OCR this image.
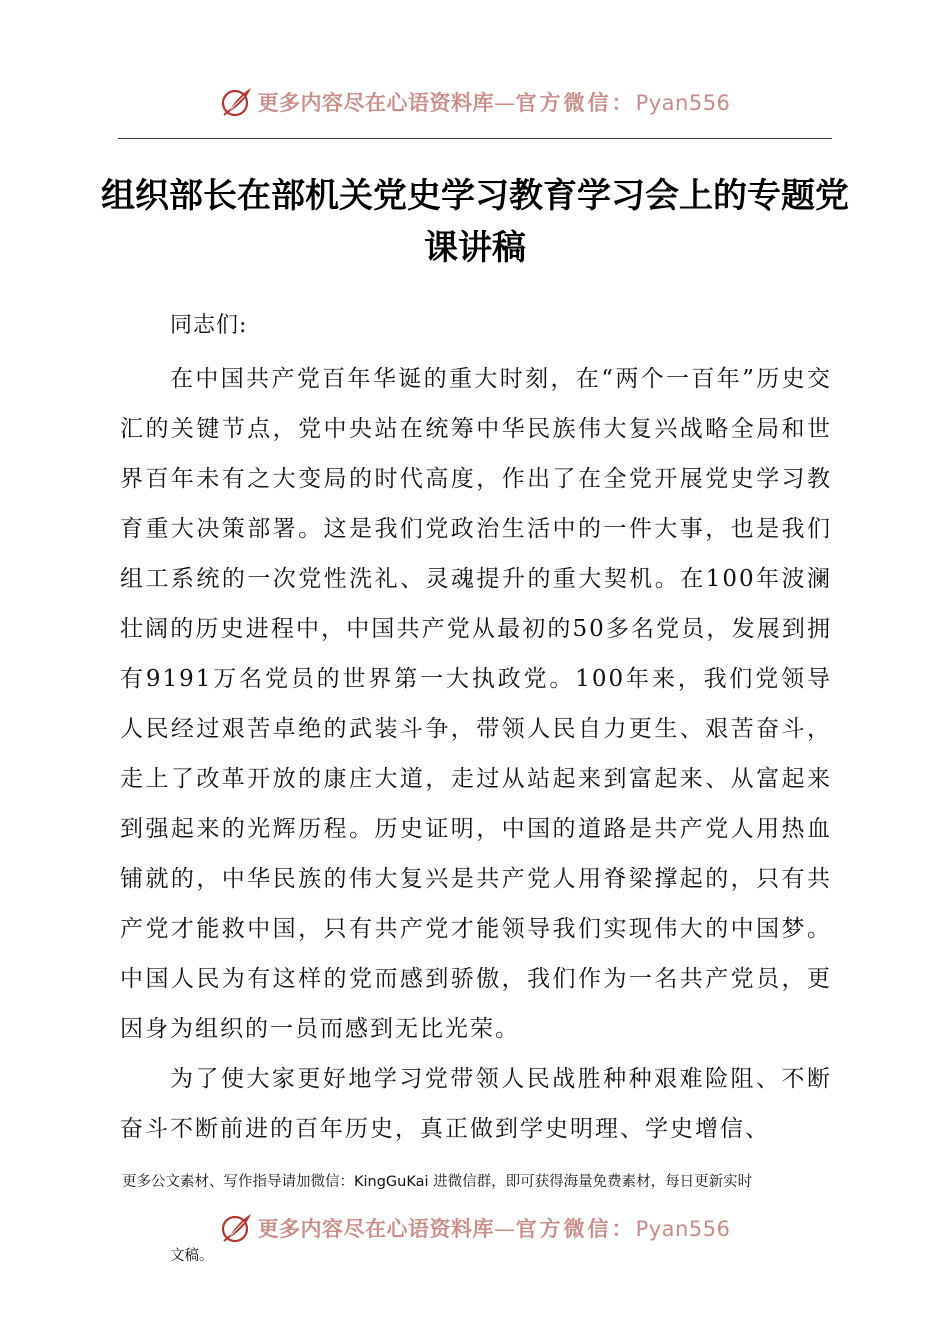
更多内容尽在心语资料库—官方微信：Pyan556
组织部长在部机关党史学习教育学习会上的专题党课讲稿

同志们:

在中国共产党百年华诞的重大时刻，在“两个一百年”历史交汇的关键节点，党中央站在统筹中华民族伟大复兴战略全局和世界百年未有之大变局的时代高度，作出了在全党开展党史学习教育重大决策部署。这是我们党政治生活中的一件大事，也是我们组工系统的一次党性洗礼、灵魂提升的重大契机。在100年波澜壮阔的历史进程中，中国共产党从最初的50多名党员，发展到拥有9191万名党员的世界第一大执政党。100年来，我们党领导人民经过艰苦卓绝的武装斗争，带领人民自力更生、艰苦奋斗，走上了改革开放的康庄大道，走过从站起来到富起来、从富起来到强起来的光辉历程。历史证明，中国的道路是共产党人用热血铺就的，中华民族的伟大复兴是共产党人用脊梁撑起的，只有共产党才能救中国，只有共产党才能领导我们实现伟大的中国梦。中国人民为有这样的党而感到骄傲，我们作为一名共产党员，更因身为组织的一员而感到无比光荣。

为了使大家更好地学习党带领人民战胜种种艰难险阻、不断奋斗不断前进的百年历史，真正做到学史明理、学史增信、

更多公文素材、写作指导请加微信：KingGuKai 进微信群，即可获得海量免费素材，每日更新实时

更多内容尽在心语资料库—官方微信：Pyan556

文稿。
